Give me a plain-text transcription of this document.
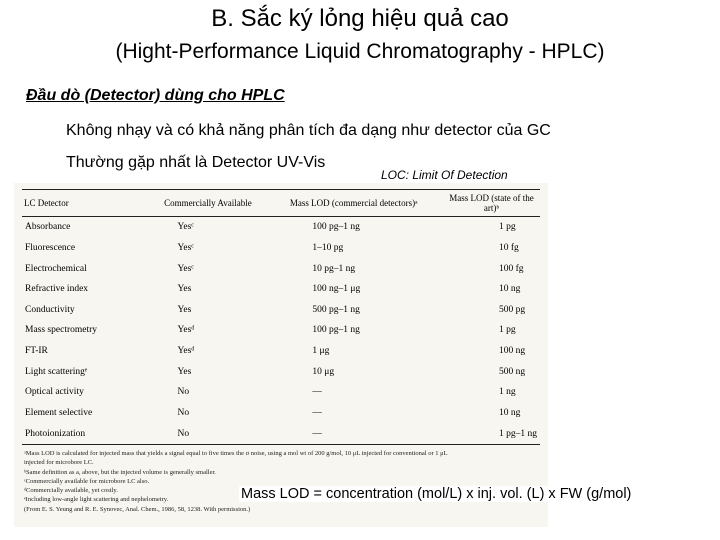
B. Sắc ký lỏng hiệu quả cao
(Hight-Performance Liquid Chromatography - HPLC)
Đầu dò (Detector) dùng cho HPLC
Không nhạy và có khả năng phân tích đa dạng như detector của GC
Thường gặp nhất là Detector UV-Vis
LOC: Limit Of Detection
LC Detector	Commercially Available	Mass LOD (commercial detectors)ᵃ	Mass LOD (state of the art)ᵇ
Absorbance	Yesᶜ	100 pg–1 ng	1 pg
Fluorescence	Yesᶜ	1–10 pg	10 fg
Electrochemical	Yesᶜ	10 pg–1 ng	100 fg
Refractive index	Yes	100 ng–1 μg	10 ng
Conductivity	Yes	500 pg–1 ng	500 pg
Mass spectrometry	Yesᵈ	100 pg–1 ng	1 pg
FT-IR	Yesᵈ	1 μg	100 ng
Light scatteringᵉ	Yes	10 μg	500 ng
Optical activity	No	—	1 ng
Element selective	No	—	10 ng
Photoionization	No	—	1 pg–1 ng
ᵃMass LOD is calculated for injected mass that yields a signal equal to five times the σ noise, using a mol wt of 200 g/mol, 10 μL injected for conventional or 1 μL
injected for microbore LC.
ᵇSame definition as a, above, but the injected volume is generally smaller.
ᶜCommercially available for microbore LC also.
ᵈCommercially available, yet costly.
ᵉIncluding low-angle light scattering and nephelometry.
(From E. S. Yeung and R. E. Synovec, Anal. Chem., 1986, 58, 1238. With permission.)
Mass LOD = concentration (mol/L) x inj. vol. (L) x FW (g/mol)
